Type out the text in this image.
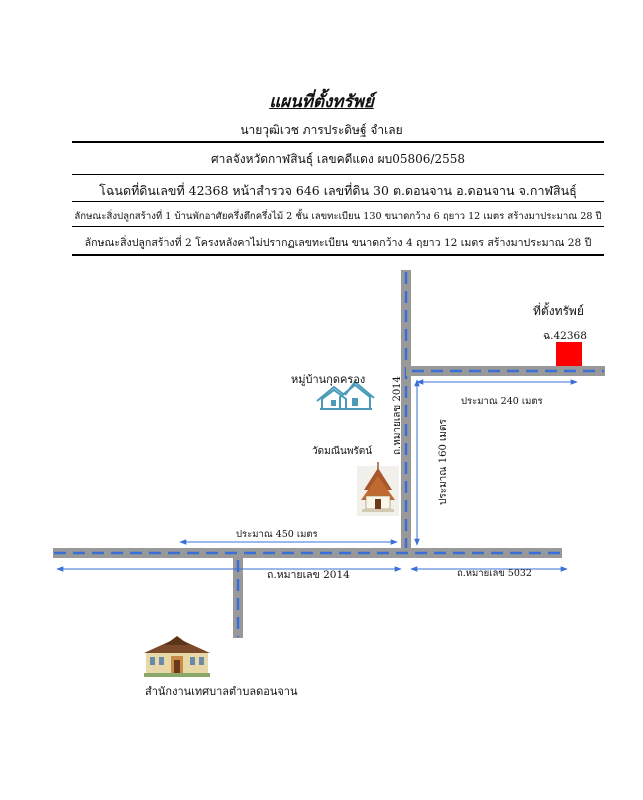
แผนที่ตั้งทรัพย์
นายวุฒิเวช ภารประดิษฐ์ จำเลย
ศาลจังหวัดกาฬสินธุ์ เลขคดีแดง ผบ05806/2558
โฉนดที่ดินเลขที่ 42368 หน้าสำรวจ 646 เลขที่ดิน 30 ต.ดอนจาน อ.ดอนจาน จ.กาฬสินธุ์
ลักษณะสิ่งปลูกสร้างที่ 1 บ้านพักอาศัยครึ่งตึกครึ่งไม้ 2 ชั้น เลขทะเบียน 130 ขนาดกว้าง 6 ฤยาว 12 เมตร สร้างมาประมาณ 28 ปี
ลักษณะสิ่งปลูกสร้างที่ 2 โครงหลังคาไม่ปรากฏเลขทะเบียน ขนาดกว้าง 4 ฤยาว 12 เมตร สร้างมาประมาณ 28 ปี
ที่ตั้งทรัพย์
ฉ.42368
หมู่บ้านกุดครอง
วัดมณีนพรัตน์
ประมาณ 240 เมตร
ประมาณ 450 เมตร
ประมาณ 160 เมตร
ถ.หมายเลข 2014
ถ.หมายเลข 2014	ถ.หมายเลข 5032
สำนักงานเทศบาลตำบลดอนจาน
